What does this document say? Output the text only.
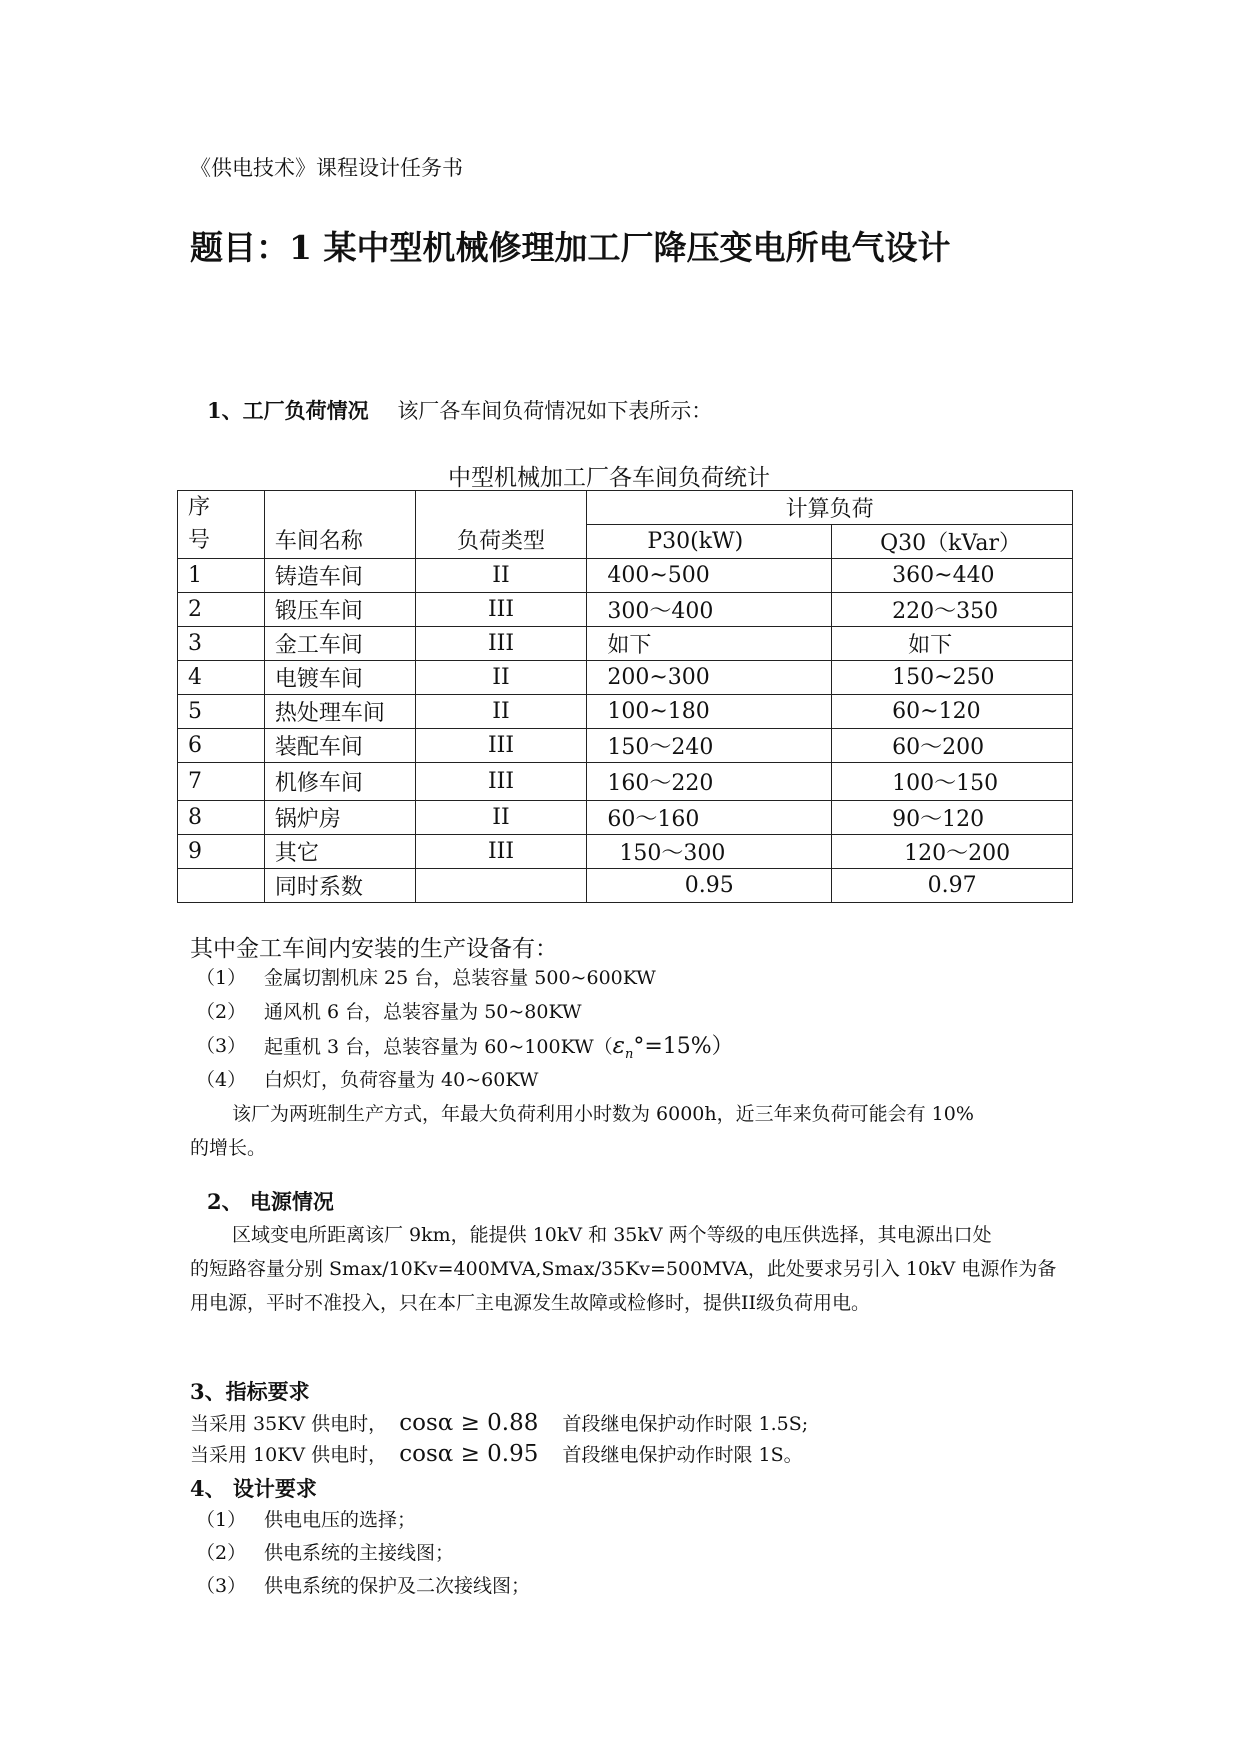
《供电技术》课程设计任务书
题目：1 某中型机械修理加工厂降压变电所电气设计
1、工厂负荷情况 该厂各车间负荷情况如下表所示：
中型机械加工厂各车间负荷统计
序
号	车间名称	负荷类型	计算负荷	
			P30(kW)	Q30（kVar）
1	铸造车间	II	400~500	360~440
2	锻压车间	III	300～400	220～350
3	金工车间	III	如下	如下
4	电镀车间	II	200~300	150~250
5	热处理车间	II	100~180	60~120
6	装配车间	III	150～240	60～200
7	机修车间	III	160～220	100～150
8	锅炉房	II	60～160	90～120
9	其它	III	150～300	120～200
	同时系数		0.95	0.97
其中金工车间内安装的生产设备有：
（1） 金属切割机床 25 台，总装容量 500~600KW
（2） 通风机 6 台，总装容量为 50~80KW
（3） 起重机 3 台，总装容量为 $60\sim 100KW(\varepsilon_n^\circ=15\%)$
（4） 白炽灯，负荷容量为 40~60KW
该厂为两班制生产方式，年最大负荷利用小时数为 6000h，近三年来负荷可能会有 10%
的增长。
2、 电源情况
区域变电所距离该厂 9km，能提供 10kV 和 35kV 两个等级的电压供选择，其电源出口处
的短路容量分别 Smax/10Kv=400MVA,Smax/35Kv=500MVA，此处要求另引入 10kV 电源作为备
用电源，平时不准投入，只在本厂主电源发生故障或检修时，提供II级负荷用电。
3、指标要求
当采用 35KV 供电时， cosα ≥ 0.88 首段继电保护动作时限 1.5S;
当采用 10KV 供电时， cosα ≥ 0.95 首段继电保护动作时限 1S。
4、 设计要求
（1） 供电电压的选择；
（2） 供电系统的主接线图；
（3） 供电系统的保护及二次接线图；
